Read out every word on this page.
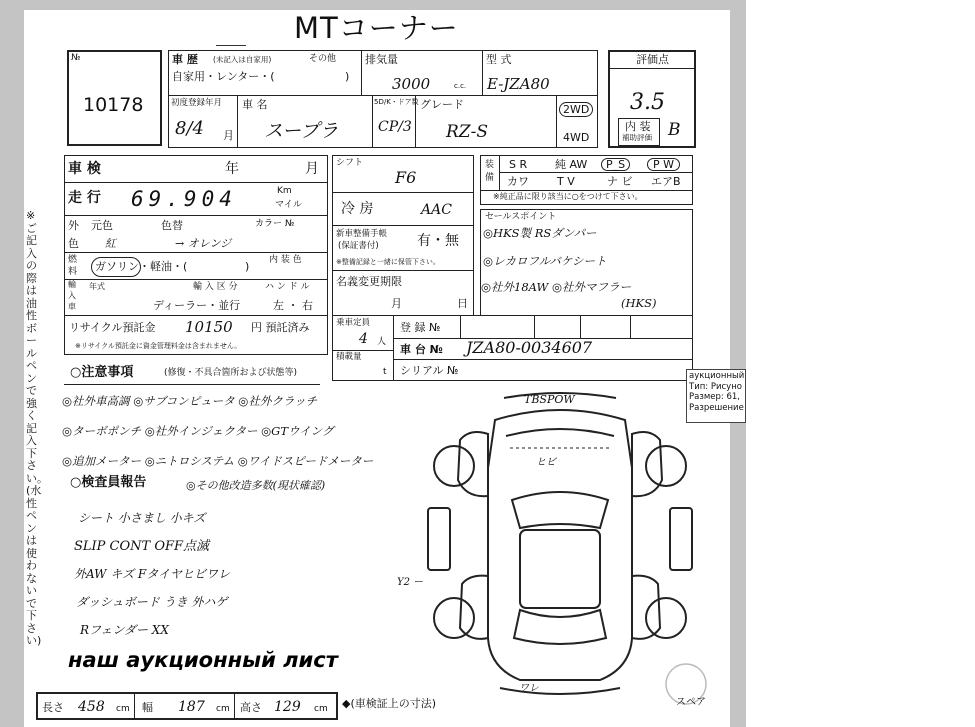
MTコーナー
※ご記入の際は油性ボールペンで強く記入下さい。(水性ペンは使わないで下さい)
№
10178
車 歴 (未記入は自家用)	その他
自家用・レンター・(	)
排気量
3000	c.c.
型 式
E-JZA80
初度登録年月
8/4 月
車 名
スープラ
5D/K・ドア数
CP/3
グレード
RZ-S
2WD
4WD
評価点
3.5
内 装
補助評価 B
車 検	年	月
走 行 69.904	Km
マイル
外
色
元色	色替
紅	→ オレンジ
カラー №
燃
料 ガソリン・軽油・(	) 内 装 色
輸
入
車
年式	輸 入 区 分
ディーラー・並行
ハ ン ド ル
左 ・ 右
リサイクル預託金 10150 円 預託済み
※リサイクル預託金に資金管理料金は含まれません。
シフト
F6
冷 房	AAC
新車整備手帳
(保証書付)	有・無
※整備記録と一緒に保管下さい。
名義変更期限
月	日
乗車定員
4 人
積載量
t
登 録 №
車 台 № JZA80-0034607
シリアル №
装
備
S R	純 AW	P_S	P W
カワ	T V	ナ ビ エアB
※純正品に限り該当に○をつけて下さい。
セールスポイント
◎HKS製 RSダンパー
◎レカロフルバケシート
◎社外18AW ◎社外マフラー
(HKS)
○注意事項	(修復・不具合箇所および状態等)
◎社外車高調 ◎サブコンピュータ ◎社外クラッチ
◎ターボポンチ ◎社外インジェクター ◎GTウイング
◎追加メーター ◎ニトロシステム ◎ワイドスピードメーター
○検査員報告	◎その他改造多数(現状確認)
シート 小さまし 小キズ
SLIP CONT OFF点滅
外AW キズ Fタイヤヒビワレ
ダッシュボード うき 外ハゲ
Rフェンダー XX
наш аукционный лист
TBSPOW
ヒビ
Y2 ー
ワレ
スペア
長さ 458 cm 幅 187 cm 高さ 129 cm ◆(車検証上の寸法)
аукционный
Тип: Рисуно
Размер: 61,
Разрешение
